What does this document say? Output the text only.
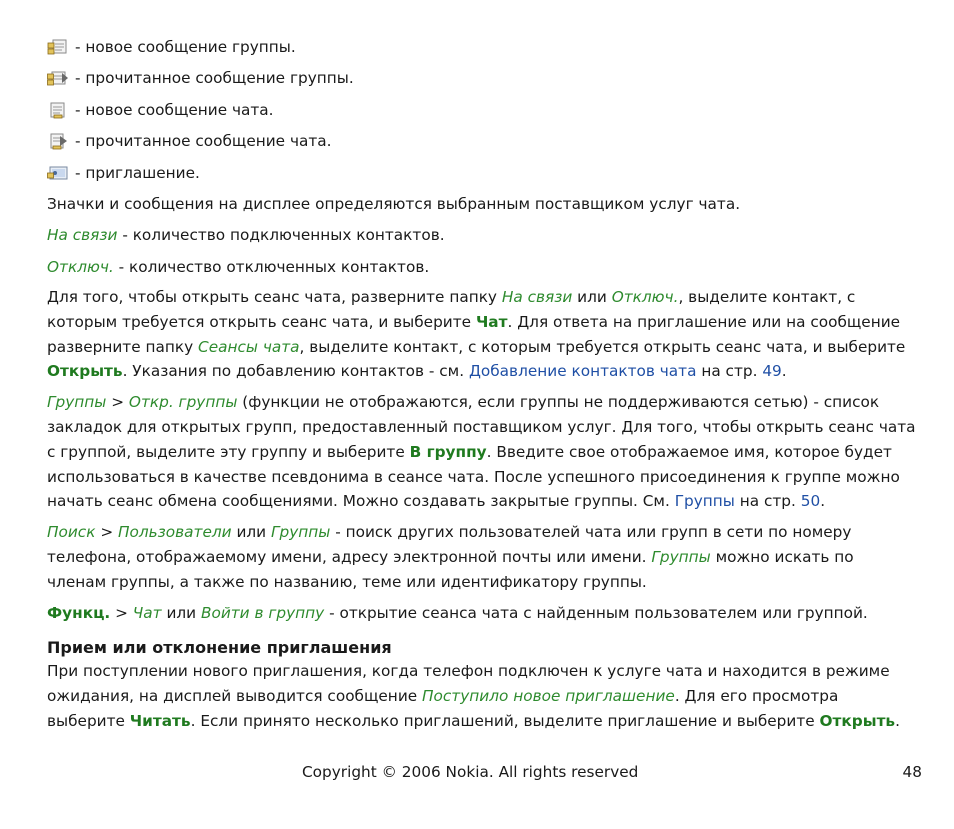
- новое сообщение группы.
- прочитанное сообщение группы.
- новое сообщение чата.
- прочитанное сообщение чата.
- приглашение.

Значки и сообщения на дисплее определяются выбранным поставщиком услуг чата.

На связи - количество подключенных контактов.

Отключ. - количество отключенных контактов.

Для того, чтобы открыть сеанс чата, разверните папку На связи или Отключ., выделите контакт, с которым требуется открыть сеанс чата, и выберите Чат. Для ответа на приглашение или на сообщение разверните папку Сеансы чата, выделите контакт, с которым требуется открыть сеанс чата, и выберите Открыть. Указания по добавлению контактов - см. Добавление контактов чата на стр. 49.

Группы > Откр. группы (функции не отображаются, если группы не поддерживаются сетью) - список закладок для открытых групп, предоставленный поставщиком услуг. Для того, чтобы открыть сеанс чата с группой, выделите эту группу и выберите В группу. Введите свое отображаемое имя, которое будет использоваться в качестве псевдонима в сеансе чата. После успешного присоединения к группе можно начать сеанс обмена сообщениями. Можно создавать закрытые группы. См. Группы на стр. 50.

Поиск > Пользователи или Группы - поиск других пользователей чата или групп в сети по номеру телефона, отображаемому имени, адресу электронной почты или имени. Группы можно искать по членам группы, а также по названию, теме или идентификатору группы.

Функц. > Чат или Войти в группу - открытие сеанса чата с найденным пользователем или группой.

Прием или отклонение приглашения

При поступлении нового приглашения, когда телефон подключен к услуге чата и находится в режиме ожидания, на дисплей выводится сообщение Поступило новое приглашение. Для его просмотра выберите Читать. Если принято несколько приглашений, выделите приглашение и выберите Открыть.

Copyright © 2006 Nokia. All rights reserved	48
